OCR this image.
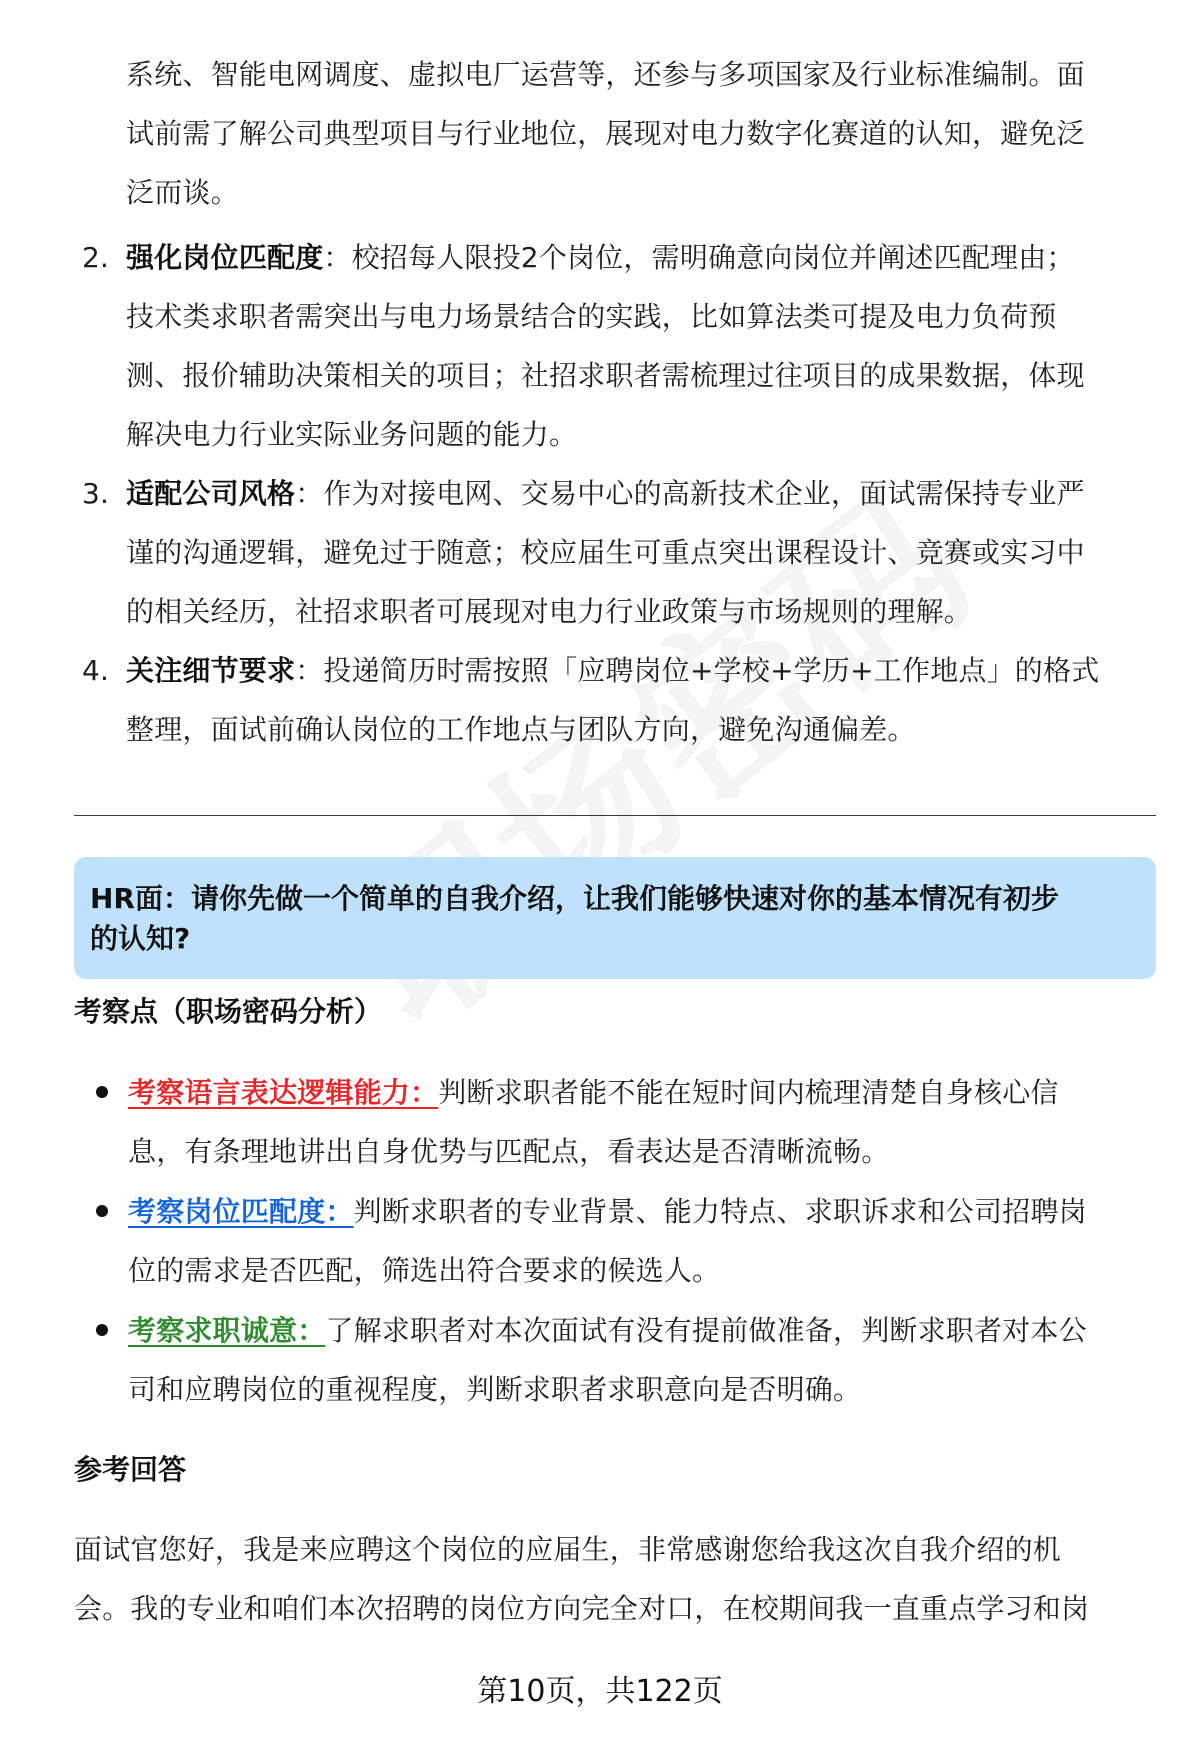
系统、智能电网调度、虚拟电厂运营等，还参与多项国家及行业标准编制。面
试前需了解公司典型项目与行业地位，展现对电力数字化赛道的认知，避免泛
泛而谈。
2. 强化岗位匹配度：校招每人限投2个岗位，需明确意向岗位并阐述匹配理由；
技术类求职者需突出与电力场景结合的实践，比如算法类可提及电力负荷预
测、报价辅助决策相关的项目；社招求职者需梳理过往项目的成果数据，体现
解决电力行业实际业务问题的能力。
3. 适配公司风格：作为对接电网、交易中心的高新技术企业，面试需保持专业严
谨的沟通逻辑，避免过于随意；校应届生可重点突出课程设计、竞赛或实习中
的相关经历，社招求职者可展现对电力行业政策与市场规则的理解。
4. 关注细节要求：投递简历时需按照「应聘岗位+学校+学历+工作地点」的格式
整理，面试前确认岗位的工作地点与团队方向，避免沟通偏差。
HR面：请你先做一个简单的自我介绍，让我们能够快速对你的基本情况有初步
的认知?
考察点（职场密码分析）
考察语言表达逻辑能力：判断求职者能不能在短时间内梳理清楚自身核心信
息，有条理地讲出自身优势与匹配点，看表达是否清晰流畅。
考察岗位匹配度：判断求职者的专业背景、能力特点、求职诉求和公司招聘岗
位的需求是否匹配，筛选出符合要求的候选人。
考察求职诚意：了解求职者对本次面试有没有提前做准备，判断求职者对本公
司和应聘岗位的重视程度，判断求职者求职意向是否明确。
参考回答
面试官您好，我是来应聘这个岗位的应届生，非常感谢您给我这次自我介绍的机
会。我的专业和咱们本次招聘的岗位方向完全对口，在校期间我一直重点学习和岗
第10页，共122页
